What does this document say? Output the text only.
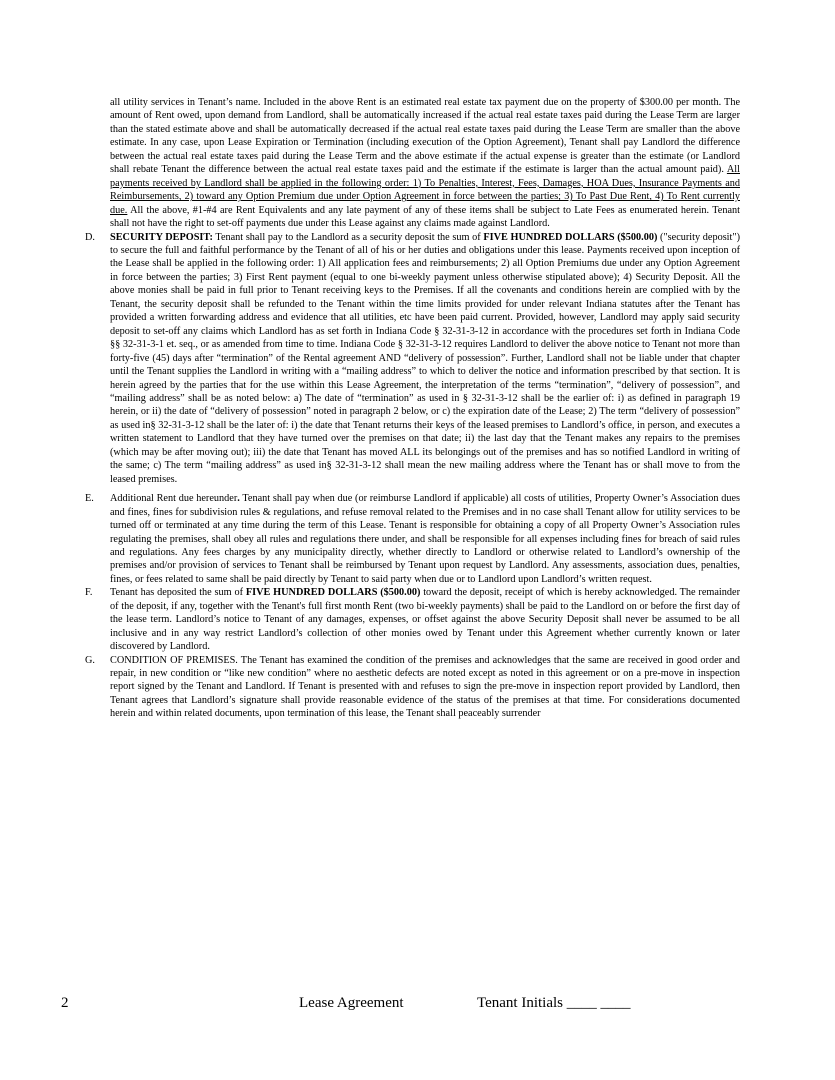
all utility services in Tenant’s name. Included in the above Rent is an estimated real estate tax payment due on the property of $300.00 per month. The amount of Rent owed, upon demand from Landlord, shall be automatically increased if the actual real estate taxes paid during the Lease Term are larger than the stated estimate above and shall be automatically decreased if the actual real estate taxes paid during the Lease Term are smaller than the above estimate. In any case, upon Lease Expiration or Termination (including execution of the Option Agreement), Tenant shall pay Landlord the difference between the actual real estate taxes paid during the Lease Term and the above estimate if the actual expense is greater than the estimate (or Landlord shall rebate Tenant the difference between the actual real estate taxes paid and the estimate if the estimate is larger than the actual amount paid). All payments received by Landlord shall be applied in the following order: 1) To Penalties, Interest, Fees, Damages, HOA Dues, Insurance Payments and Reimbursements, 2) toward any Option Premium due under Option Agreement in force between the parties; 3) To Past Due Rent, 4) To Rent currently due. All the above, #1-#4 are Rent Equivalents and any late payment of any of these items shall be subject to Late Fees as enumerated herein. Tenant shall not have the right to set-off payments due under this Lease against any claims made against Landlord.

D. SECURITY DEPOSIT: Tenant shall pay to the Landlord as a security deposit the sum of FIVE HUNDRED DOLLARS ($500.00) ("security deposit") to secure the full and faithful performance by the Tenant of all of his or her duties and obligations under this lease. Payments received upon inception of the Lease shall be applied in the following order: 1) All application fees and reimbursements; 2) all Option Premiums due under any Option Agreement in force between the parties; 3) First Rent payment (equal to one bi-weekly payment unless otherwise stipulated above); 4) Security Deposit. All the above monies shall be paid in full prior to Tenant receiving keys to the Premises. If all the covenants and conditions herein are complied with by the Tenant, the security deposit shall be refunded to the Tenant within the time limits provided for under relevant Indiana statutes after the Tenant has provided a written forwarding address and evidence that all utilities, etc have been paid current. Provided, however, Landlord may apply said security deposit to set-off any claims which Landlord has as set forth in Indiana Code § 32-31-3-12 in accordance with the procedures set forth in Indiana Code §§ 32-31-3-1 et. seq., or as amended from time to time. Indiana Code § 32-31-3-12 requires Landlord to deliver the above notice to Tenant not more than forty-five (45) days after “termination” of the Rental agreement AND “delivery of possession”. Further, Landlord shall not be liable under that chapter until the Tenant supplies the Landlord in writing with a “mailing address” to which to deliver the notice and information prescribed by that section. It is herein agreed by the parties that for the use within this Lease Agreement, the interpretation of the terms “termination”, “delivery of possession”, and “mailing address” shall be as noted below: a) The date of “termination” as used in § 32-31-3-12 shall be the earlier of: i) as defined in paragraph 19 herein, or ii) the date of “delivery of possession” noted in paragraph 2 below, or c) the expiration date of the Lease; 2) The term “delivery of possession” as used in§ 32-31-3-12 shall be the later of: i) the date that Tenant returns their keys of the leased premises to Landlord’s office, in person, and executes a written statement to Landlord that they have turned over the premises on that date; ii) the last day that the Tenant makes any repairs to the premises (which may be after moving out); iii) the date that Tenant has moved ALL its belongings out of the premises and has so notified Landlord in writing of the same; c) The term “mailing address” as used in§ 32-31-3-12 shall mean the new mailing address where the Tenant has or shall move to from the leased premises.

E. Additional Rent due hereunder. Tenant shall pay when due (or reimburse Landlord if applicable) all costs of utilities, Property Owner’s Association dues and fines, fines for subdivision rules & regulations, and refuse removal related to the Premises and in no case shall Tenant allow for utility services to be turned off or terminated at any time during the term of this Lease. Tenant is responsible for obtaining a copy of all Property Owner’s Association rules regulating the premises, shall obey all rules and regulations there under, and shall be responsible for all expenses including fines for breach of said rules and regulations. Any fees charges by any municipality directly, whether directly to Landlord or otherwise related to Landlord’s ownership of the premises and/or provision of services to Tenant shall be reimbursed by Tenant upon request by Landlord. Any assessments, association dues, penalties, fines, or fees related to same shall be paid directly by Tenant to said party when due or to Landlord upon Landlord’s written request.

F. Tenant has deposited the sum of FIVE HUNDRED DOLLARS ($500.00) toward the deposit, receipt of which is hereby acknowledged. The remainder of the deposit, if any, together with the Tenant's full first month Rent (two bi-weekly payments) shall be paid to the Landlord on or before the first day of the lease term. Landlord’s notice to Tenant of any damages, expenses, or offset against the above Security Deposit shall never be assumed to be all inclusive and in any way restrict Landlord’s collection of other monies owed by Tenant under this Agreement whether currently known or later discovered by Landlord.

G. CONDITION OF PREMISES. The Tenant has examined the condition of the premises and acknowledges that the same are received in good order and repair, in new condition or “like new condition” where no aesthetic defects are noted except as noted in this agreement or on a pre-move in inspection report signed by the Tenant and Landlord. If Tenant is presented with and refuses to sign the pre-move in inspection report provided by Landlord, then Tenant agrees that Landlord’s signature shall provide reasonable evidence of the status of the premises at that time. For considerations documented herein and within related documents, upon termination of this lease, the Tenant shall peaceably surrender

2	Lease Agreement	Tenant Initials ____ ____
